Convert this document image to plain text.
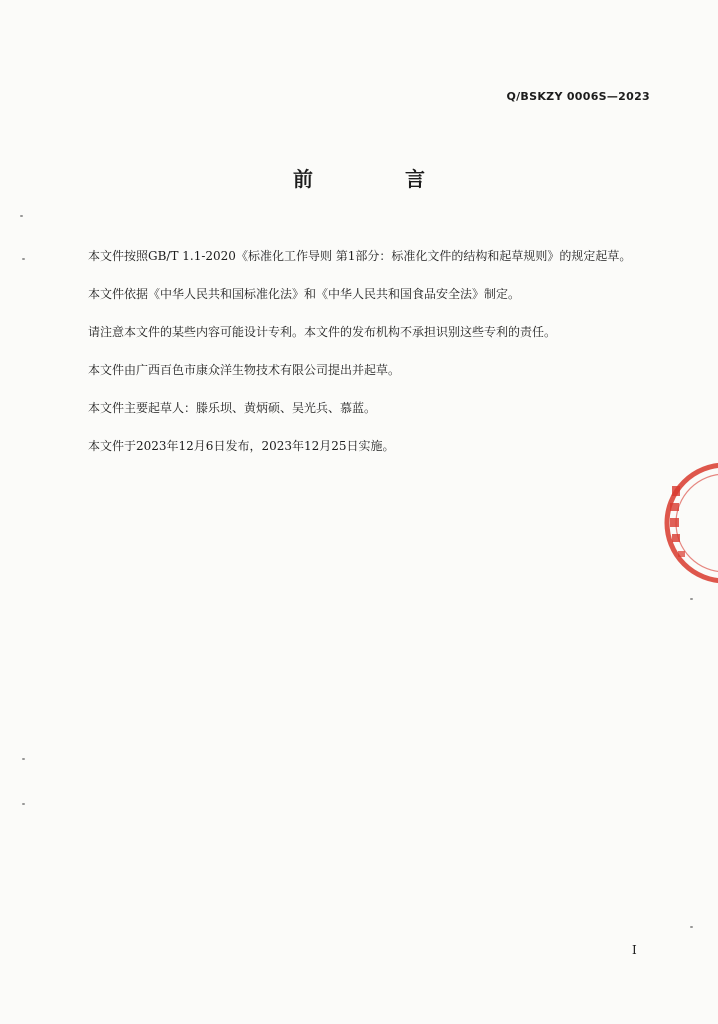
Q/BSKZY 0006S—2023
前　言

本文件按照GB/T 1.1-2020《标准化工作导则 第1部分：标准化文件的结构和起草规则》的规定起草。

本文件依据《中华人民共和国标准化法》和《中华人民共和国食品安全法》制定。

请注意本文件的某些内容可能设计专利。本文件的发布机构不承担识别这些专利的责任。

本文件由广西百色市康众洋生物技术有限公司提出并起草。

本文件主要起草人：滕乐坝、黄炳硕、吴光兵、慕蓝。

本文件于2023年12月6日发布，2023年12月25日实施。

I
